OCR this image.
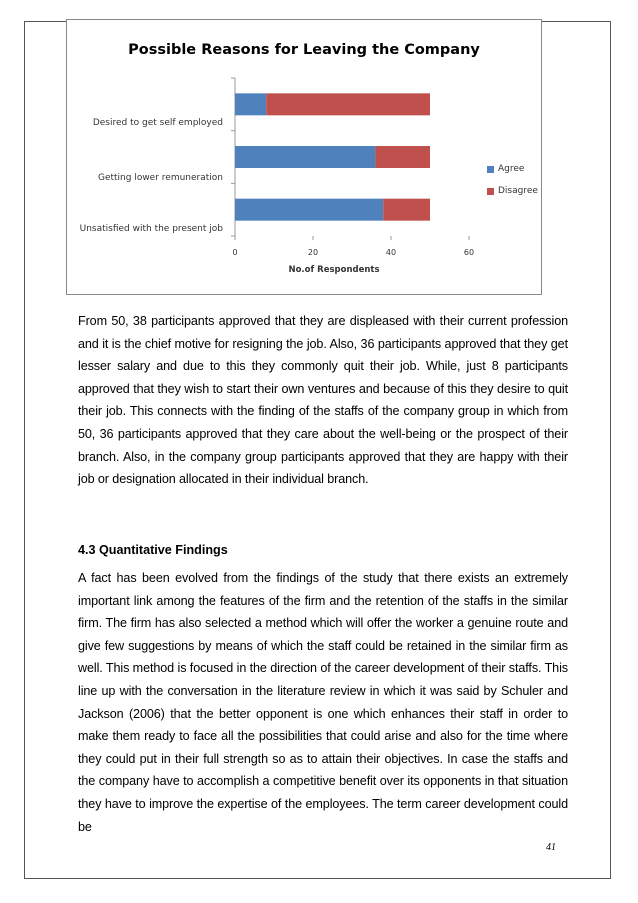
Possible Reasons for Leaving the Company
Desired to get self employed
Getting lower remuneration
Unsatisfied with the present job
0	20	40	60
No.of Respondents
Agree
Disagree
From 50, 38 participants approved that they are displeased with their current profession and it is the chief motive for resigning the job. Also, 36 participants approved that they get lesser salary and due to this they commonly quit their job. While, just 8 participants approved that they wish to start their own ventures and because of this they desire to quit their job. This connects with the finding of the staffs of the company group in which from 50, 36 participants approved that they care about the well-being or the prospect of their branch. Also, in the company group participants approved that they are happy with their job or designation allocated in their individual branch.
4.3 Quantitative Findings
A fact has been evolved from the findings of the study that there exists an extremely important link among the features of the firm and the retention of the staffs in the similar firm. The firm has also selected a method which will offer the worker a genuine route and give few suggestions by means of which the staff could be retained in the similar firm as well. This method is focused in the direction of the career development of their staffs. This line up with the conversation in the literature review in which it was said by Schuler and Jackson (2006) that the better opponent is one which enhances their staff in order to make them ready to face all the possibilities that could arise and also for the time where they could put in their full strength so as to attain their objectives. In case the staffs and the company have to accomplish a competitive benefit over its opponents in that situation they have to improve the expertise of the employees. The term career development could be
41
